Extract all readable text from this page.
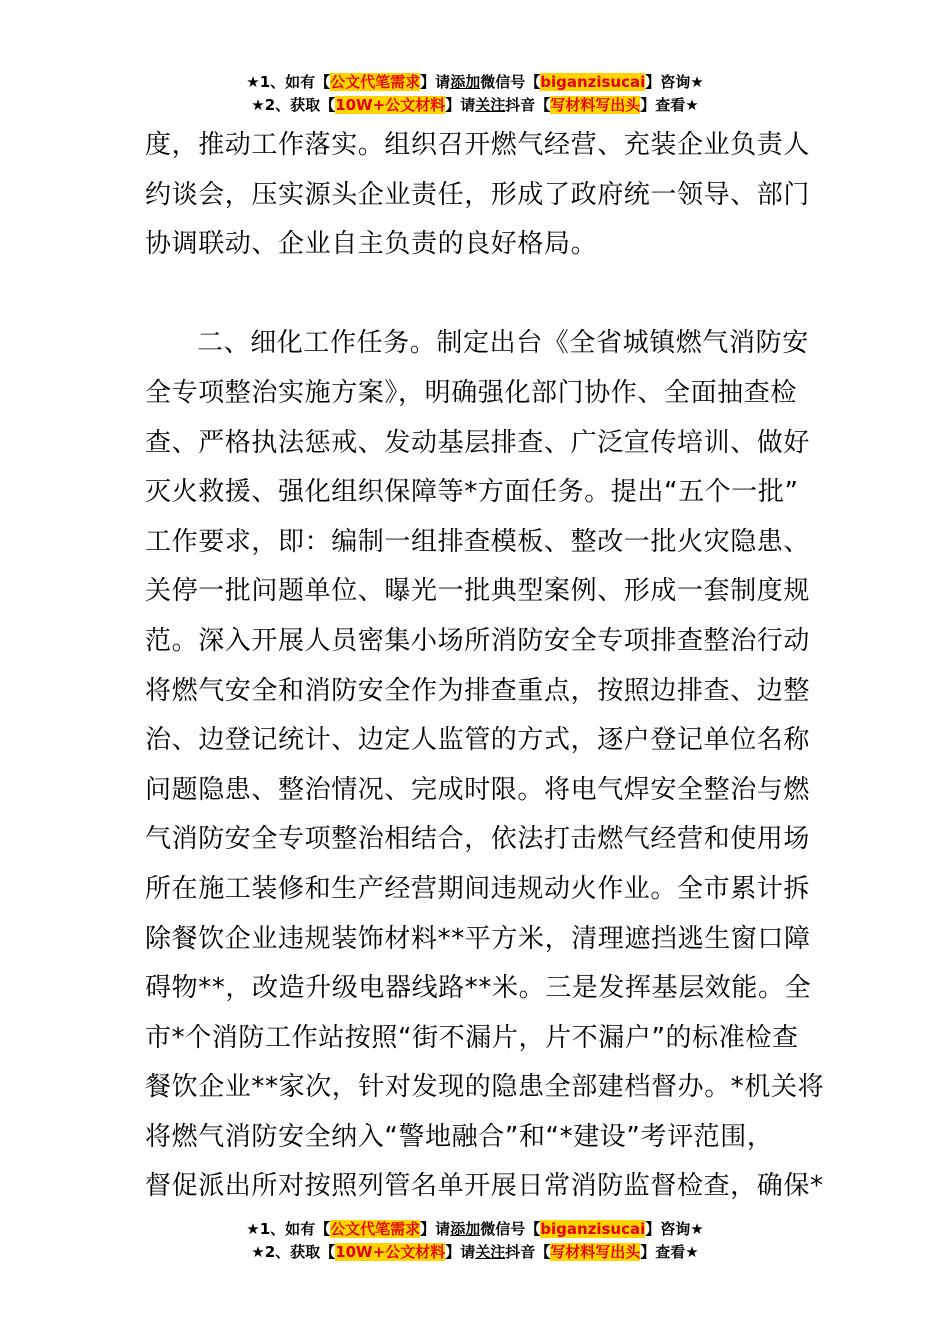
★1、如有【公文代笔需求】请添加微信号【biganzisucai】咨询★
★2、获取【10W+公文材料】请关注抖音【写材料写出头】查看★
度，推动工作落实。组织召开燃气经营、充装企业负责人
约谈会，压实源头企业责任，形成了政府统一领导、部门
协调联动、企业自主负责的良好格局。
二、细化工作任务。制定出台《全省城镇燃气消防安
全专项整治实施方案》，明确强化部门协作、全面抽查检
查、严格执法惩戒、发动基层排查、广泛宣传培训、做好
灭火救援、强化组织保障等*方面任务。提出“五个一批”
工作要求，即：编制一组排查模板、整改一批火灾隐患、
关停一批问题单位、曝光一批典型案例、形成一套制度规
范。深入开展人员密集小场所消防安全专项排查整治行动
将燃气安全和消防安全作为排查重点，按照边排查、边整
治、边登记统计、边定人监管的方式，逐户登记单位名称
问题隐患、整治情况、完成时限。将电气焊安全整治与燃
气消防安全专项整治相结合，依法打击燃气经营和使用场
所在施工装修和生产经营期间违规动火作业。全市累计拆
除餐饮企业违规装饰材料**平方米，清理遮挡逃生窗口障
碍物**，改造升级电器线路**米。三是发挥基层效能。全
市*个消防工作站按照“街不漏片，片不漏户”的标准检查
餐饮企业**家次，针对发现的隐患全部建档督办。*机关将
将燃气消防安全纳入“警地融合”和“*建设”考评范围，
督促派出所对按照列管名单开展日常消防监督检查，确保*
★1、如有【公文代笔需求】请添加微信号【biganzisucai】咨询★
★2、获取【10W+公文材料】请关注抖音【写材料写出头】查看★
